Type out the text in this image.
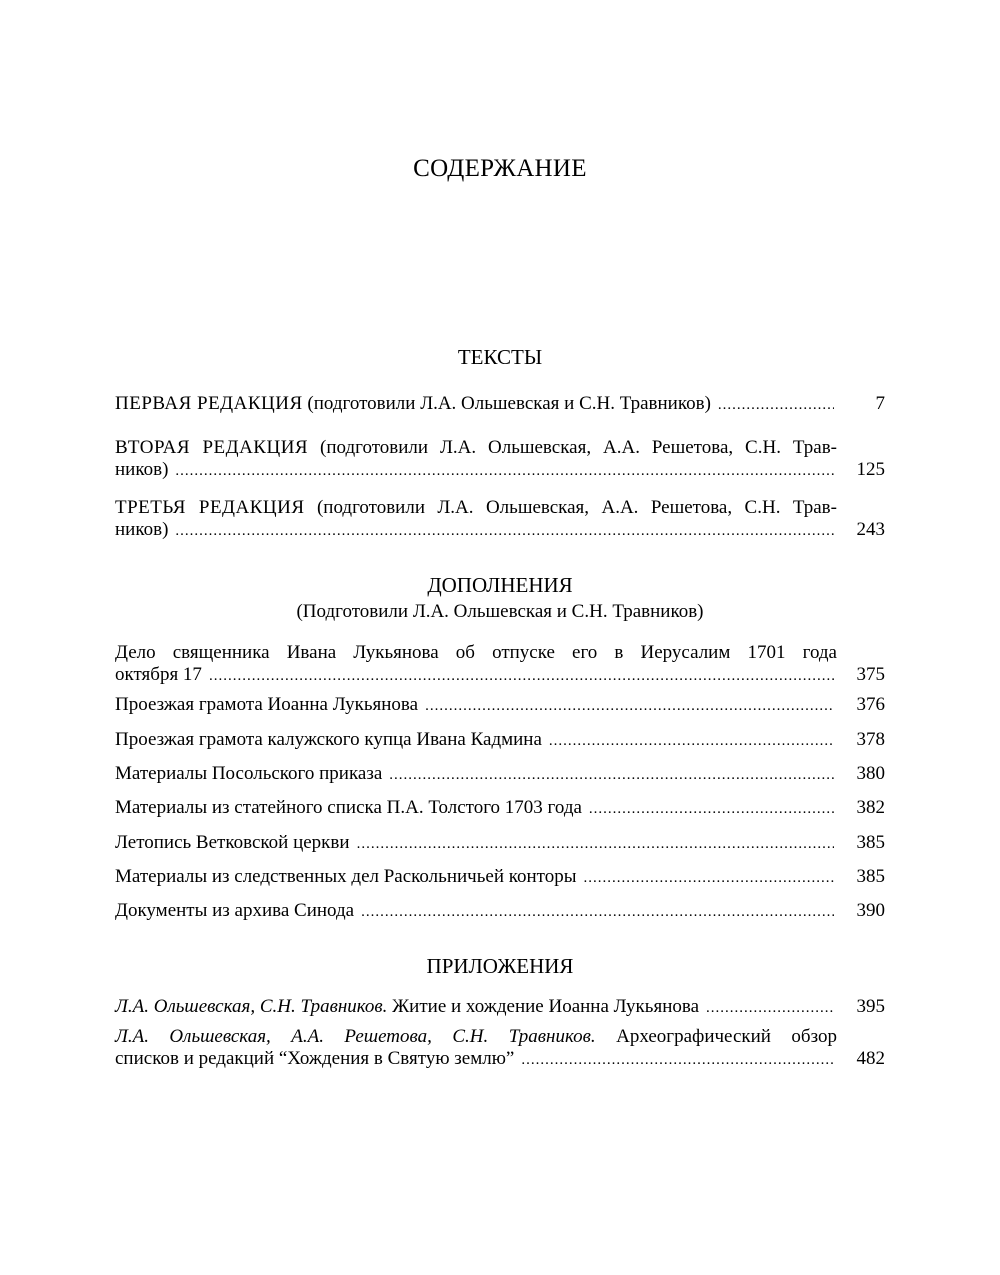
СОДЕРЖАНИЕ
ТЕКСТЫ
ПЕРВАЯ РЕДАКЦИЯ (подготовили Л.А. Ольшевская и С.Н. Травников) .....	7
ВТОРАЯ РЕДАКЦИЯ (подготовили Л.А. Ольшевская, А.А. Решетова, С.Н. Трав-
ников) .....	125
ТРЕТЬЯ РЕДАКЦИЯ (подготовили Л.А. Ольшевская, А.А. Решетова, С.Н. Трав-
ников) .....	243
ДОПОЛНЕНИЯ
(Подготовили Л.А. Ольшевская и С.Н. Травников)
Дело священника Ивана Лукьянова об отпуске его в Иерусалим 1701 года
октября 17 .....	375
Проезжая грамота Иоанна Лукьянова .....	376
Проезжая грамота калужского купца Ивана Кадмина .....	378
Материалы Посольского приказа .....	380
Материалы из статейного списка П.А. Толстого 1703 года .....	382
Летопись Ветковской церкви .....	385
Материалы из следственных дел Раскольничьей конторы .....	385
Документы из архива Синода .....	390
ПРИЛОЖЕНИЯ
Л.А. Ольшевская, С.Н. Травников. Житие и хождение Иоанна Лукьянова .....	395
Л.А. Ольшевская, А.А. Решетова, С.Н. Травников. Археографический обзор
списков и редакций “Хождения в Святую землю” .....	482
